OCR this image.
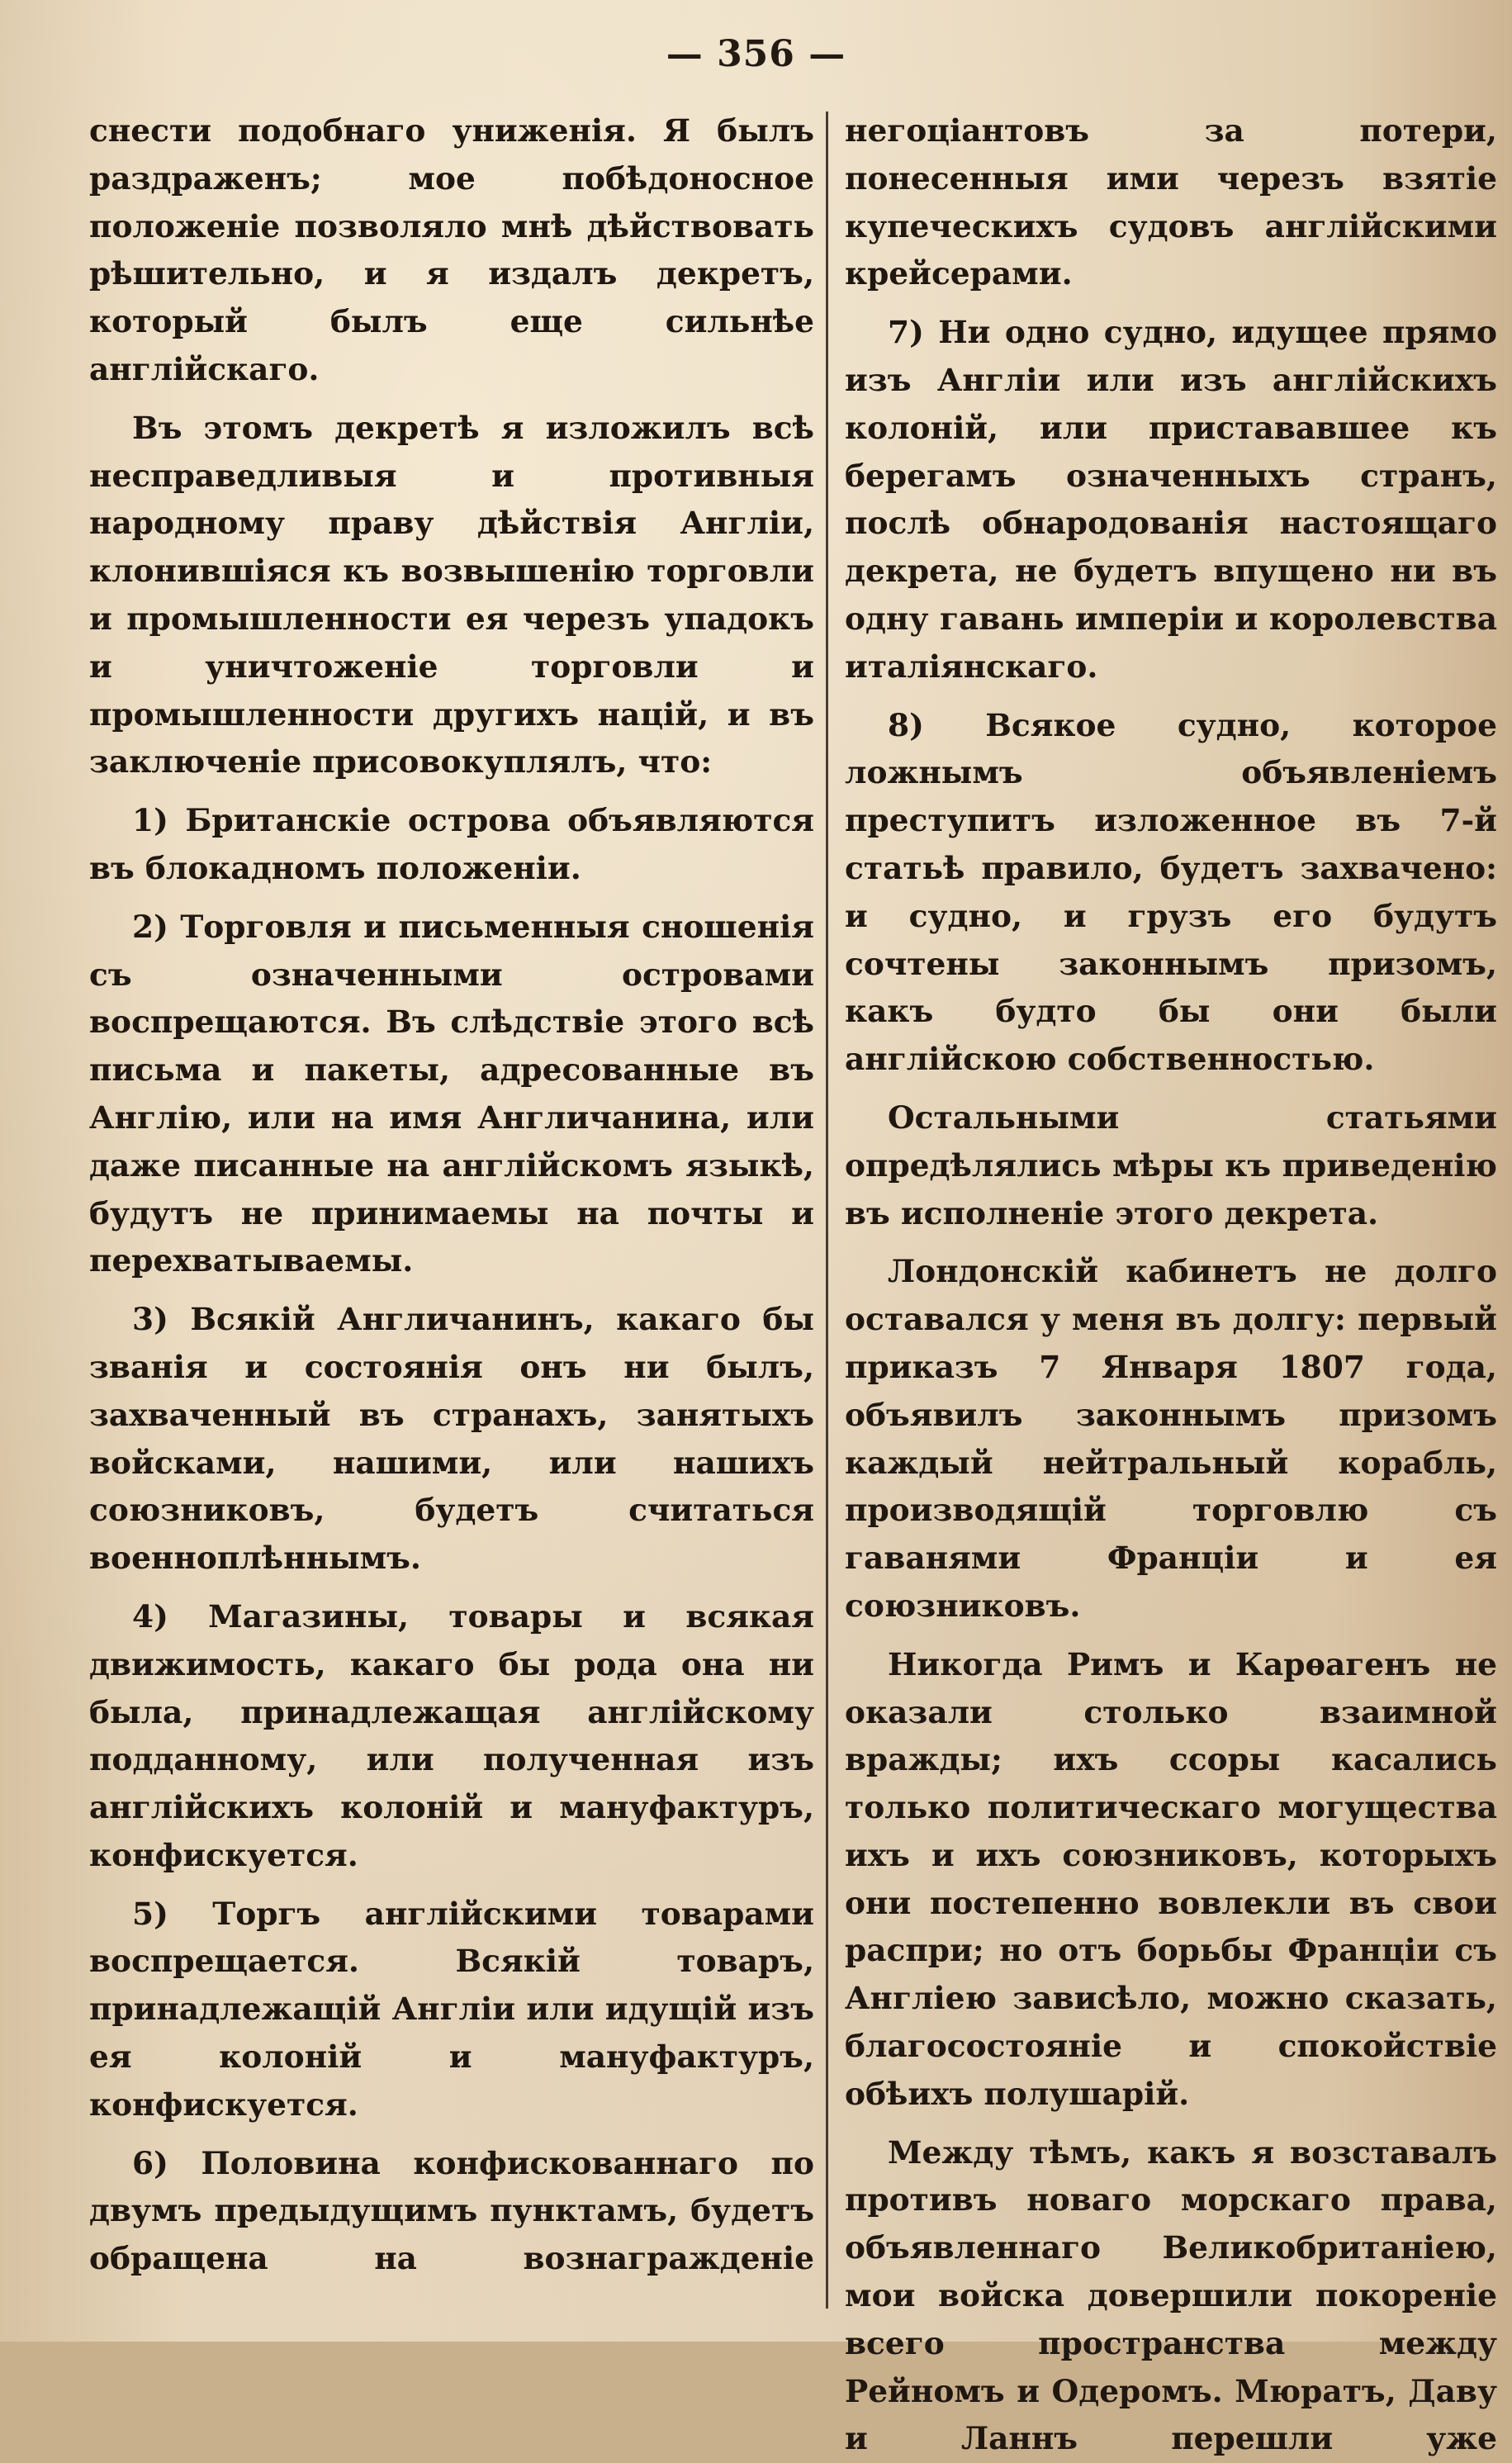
— 356 —

снести подобнаго униженія. Я былъ раздраженъ; мое побѣдоносное положеніе позволяло мнѣ дѣйствовать рѣшительно, и я издалъ декретъ, который былъ еще сильнѣе англійскаго.

Въ этомъ декретѣ я изложилъ всѣ несправедливыя и противныя народному праву дѣйствія Англіи, клонившіяся къ возвышенію торговли и промышленности ея черезъ упадокъ и уничтоженіе торговли и промышленности другихъ націй, и въ заключеніе присовокуплялъ, что:

1) Британскіе острова объявляются въ блокадномъ положеніи.

2) Торговля и письменныя сношенія съ означенными островами воспрещаются. Въ слѣдствіе этого всѣ письма и пакеты, адресованные въ Англію, или на имя Англичанина, или даже писанные на англійскомъ языкѣ, будутъ не принимаемы на почты и перехватываемы.

3) Всякій Англичанинъ, какаго бы званія и состоянія онъ ни былъ, захваченный въ странахъ, занятыхъ войсками, нашими, или нашихъ союзниковъ, будетъ считаться военноплѣннымъ.

4) Магазины, товары и всякая движимость, какаго бы рода она ни была, принадлежащая англійскому подданному, или полученная изъ англійскихъ колоній и мануфактуръ, конфискуется.

5) Торгъ англійскими товарами воспрещается. Всякій товаръ, принадлежащій Англіи или идущій изъ ея колоній и мануфактуръ, конфискуется.

6) Половина конфискованнаго по двумъ предыдущимъ пунктамъ, будетъ обращена на вознагражденіе

негоціантовъ за потери, понесенныя ими черезъ взятіе купеческихъ судовъ англійскими крейсерами.

7) Ни одно судно, идущее прямо изъ Англіи или изъ англійскихъ колоній, или пристававшее къ берегамъ означенныхъ странъ, послѣ обнародованія настоящаго декрета, не будетъ впущено ни въ одну гавань имперіи и королевства италіянскаго.

8) Всякое судно, которое ложнымъ объявленіемъ преступитъ изложенное въ 7-й статьѣ правило, будетъ захвачено: и судно, и грузъ его будутъ сочтены законнымъ призомъ, какъ будто бы они были англійскою собственностью.

Остальными статьями опредѣлялись мѣры къ приведенію въ исполненіе этого декрета.

Лондонскій кабинетъ не долго оставался у меня въ долгу: первый приказъ 7 Января 1807 года, объявилъ законнымъ призомъ каждый нейтральный корабль, производящій торговлю съ гаванями Франціи и ея союзниковъ.

Никогда Римъ и Карѳагенъ не оказали столько взаимной вражды; ихъ ссоры касались только политическаго могущества ихъ и ихъ союзниковъ, которыхъ они постепенно вовлекли въ свои распри; но отъ борьбы Франціи съ Англіею зависѣло, можно сказать, благосостояніе и спокойствіе обѣихъ полушарій.

Между тѣмъ, какъ я возставалъ противъ новаго морскаго права, объявленнаго Великобританіею, мои войска довершили покореніе всего пространства между Рейномъ и Одеромъ. Мюратъ, Даву и Ланнъ перешли уже
